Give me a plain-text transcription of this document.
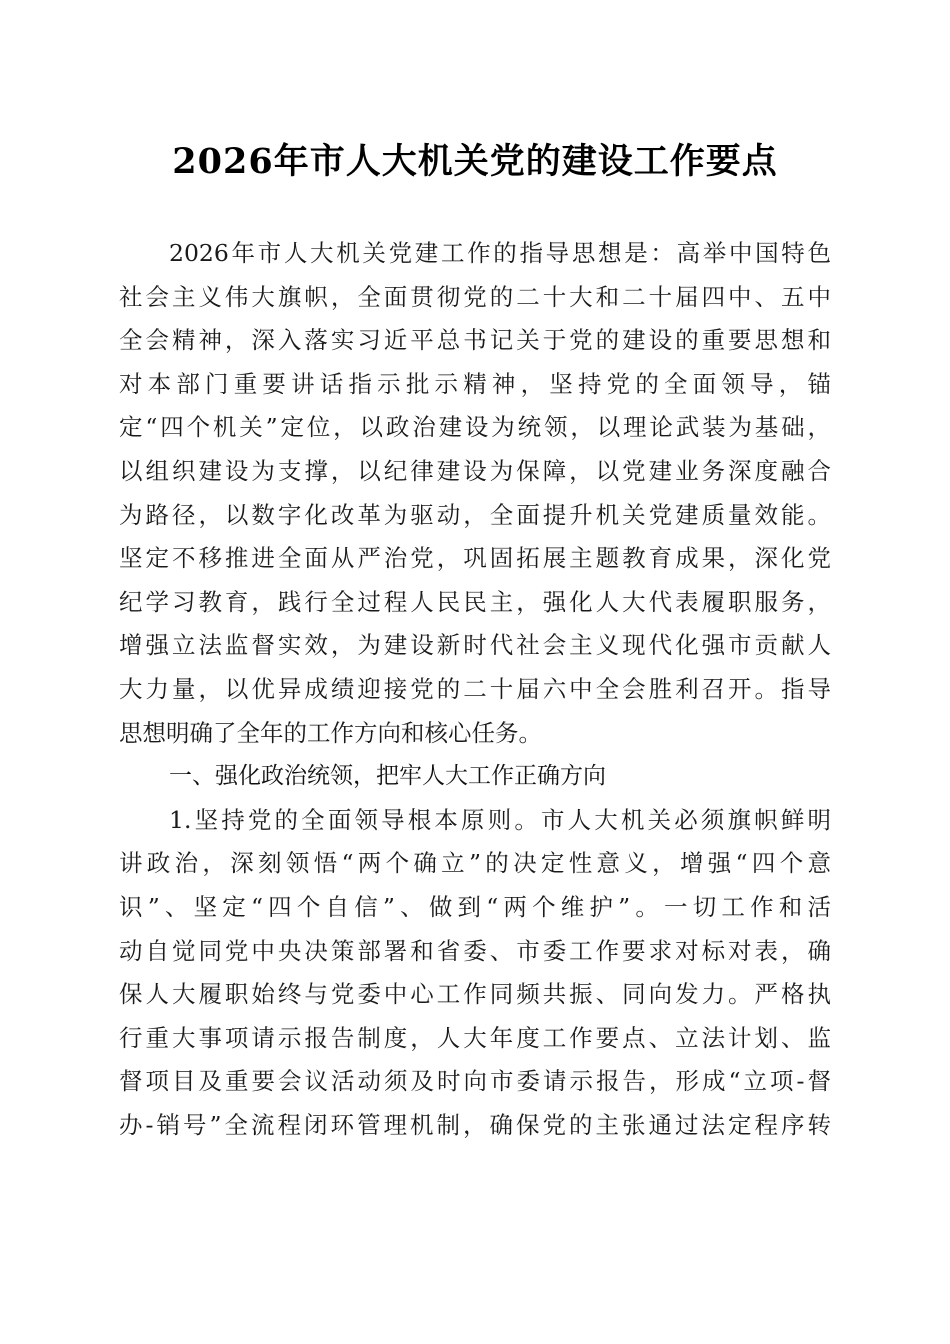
2026年市人大机关党的建设工作要点
2026年市人大机关党建工作的指导思想是：高举中国特色
社会主义伟大旗帜，全面贯彻党的二十大和二十届四中、五中
全会精神，深入落实习近平总书记关于党的建设的重要思想和
对本部门重要讲话指示批示精神，坚持党的全面领导，锚
定“四个机关”定位，以政治建设为统领，以理论武装为基础，
以组织建设为支撑，以纪律建设为保障，以党建业务深度融合
为路径，以数字化改革为驱动，全面提升机关党建质量效能。
坚定不移推进全面从严治党，巩固拓展主题教育成果，深化党
纪学习教育，践行全过程人民民主，强化人大代表履职服务，
增强立法监督实效，为建设新时代社会主义现代化强市贡献人
大力量，以优异成绩迎接党的二十届六中全会胜利召开。指导
思想明确了全年的工作方向和核心任务。
一、强化政治统领，把牢人大工作正确方向
1.坚持党的全面领导根本原则。市人大机关必须旗帜鲜明
讲政治，深刻领悟“两个确立”的决定性意义，增强“四个意
识”、坚定“四个自信”、做到“两个维护”。一切工作和活
动自觉同党中央决策部署和省委、市委工作要求对标对表，确
保人大履职始终与党委中心工作同频共振、同向发力。严格执
行重大事项请示报告制度，人大年度工作要点、立法计划、监
督项目及重要会议活动须及时向市委请示报告，形成“立项-督
办-销号”全流程闭环管理机制，确保党的主张通过法定程序转
